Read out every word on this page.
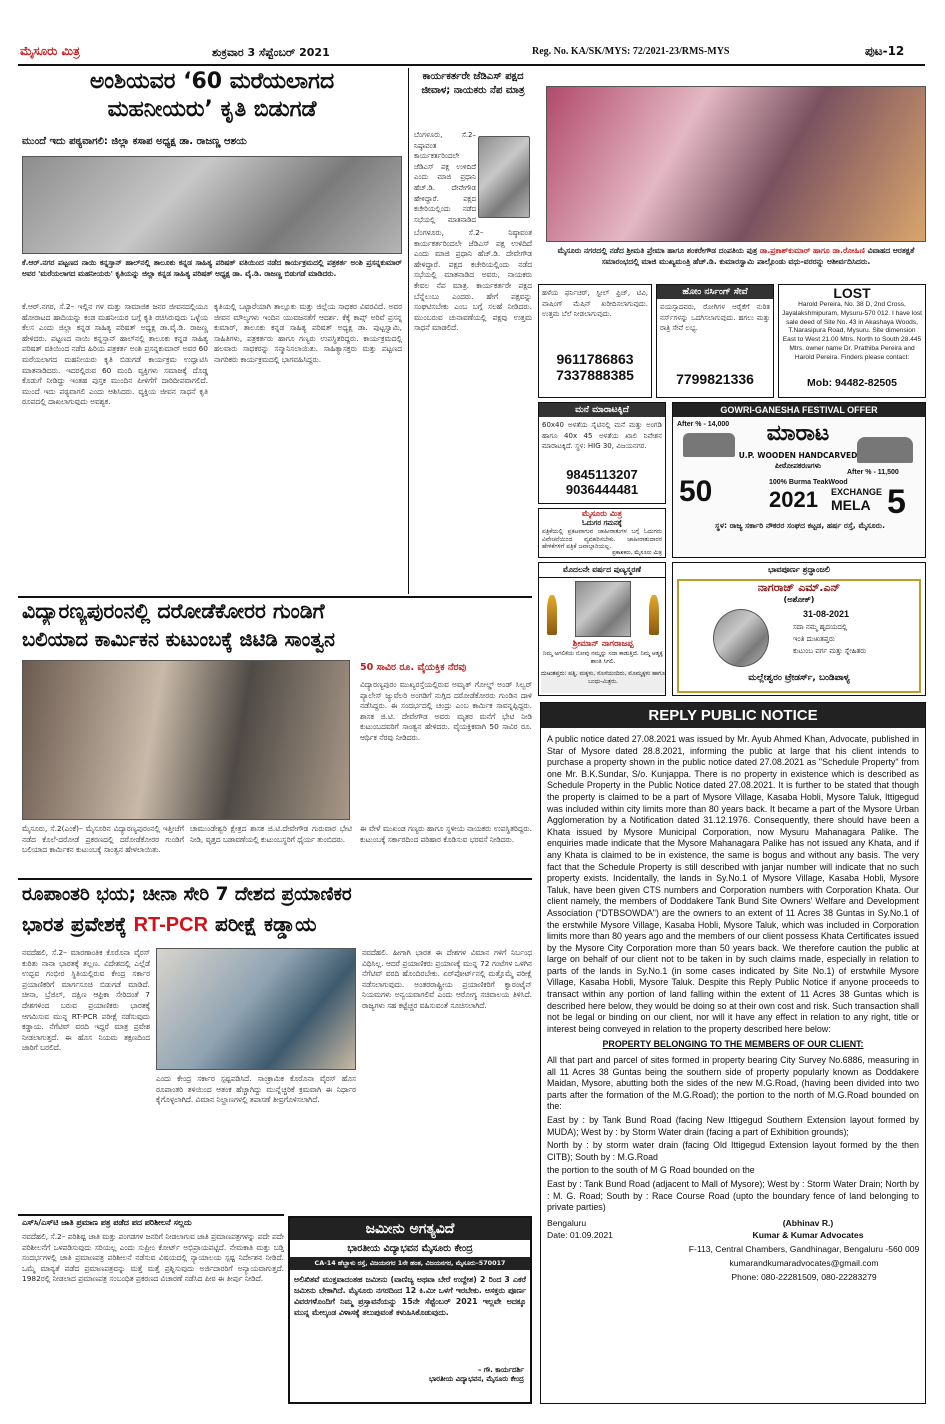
ಮೈಸೂರು ಮಿತ್ರ	ಶುಕ್ರವಾರ 3 ಸೆಪ್ಟೆಂಬರ್ 2021	Reg. No. KA/SK/MYS: 72/2021-23/RMS-MYS	ಪುಟ-12
ಅಂಶಿಯವರ ‘60 ಮರೆಯಲಾಗದ
ಮಹನೀಯರು’ ಕೃತಿ ಬಿಡುಗಡೆ
ಮುಂದೆ ಇದು ಪಠ್ಯವಾಗಲಿ: ಜಿಲ್ಲಾ ಕಸಾಪ ಅಧ್ಯಕ್ಷ ಡಾ. ರಾಜಣ್ಣ ಆಶಯ
ಕೆ.ಆರ್.ನಗರ ಪಟ್ಟಣದ ನಾಯಿ ಕನ್ನಸ್ತಾನ್ ಹಾಲ್‌ನಲ್ಲಿ ತಾಲೂಕು ಕನ್ನಡ ಸಾಹಿತ್ಯ ಪರಿಷತ್ ವತಿಯಿಂದ ನಡೆದ ಕಾರ್ಯಕ್ರಮದಲ್ಲಿ ಪತ್ರಕರ್ತ ಅಂಶಿ ಪ್ರಸನ್ನಕುಮಾರ್ ಅವರ 'ಮರೆಯಲಾಗದ ಮಹನೀಯರು' ಕೃತಿಯನ್ನು ಜಿಲ್ಲಾ ಕನ್ನಡ ಸಾಹಿತ್ಯ ಪರಿಷತ್ ಅಧ್ಯಕ್ಷ ಡಾ. ವೈ.ಡಿ. ರಾಜಣ್ಣ ಬಿಡುಗಡೆ ಮಾಡಿದರು.
ಕೆ.ಆರ್.ನಗರ, ಸೆ.2– ಇಲ್ಲಿನ ಗಳ ಮತ್ತು ಸಾಮಾಜಿಕ ಜನರ ಜೀವನದಲ್ಲಿಯೂ ಹೋರಾಟದ ಹಾದಿಯನ್ನು ಕಂಡ ಮಹನೀಯರ ಬಗ್ಗೆ ಕೃತಿ ರಚಿಸಿರುವುದು ಒಳ್ಳೆಯ ಕೆಲಸ ಎಂದು ಜಿಲ್ಲಾ ಕನ್ನಡ ಸಾಹಿತ್ಯ ಪರಿಷತ್ ಅಧ್ಯಕ್ಷ ಡಾ.ವೈ.ಡಿ. ರಾಜಣ್ಣ ಹೇಳಿದರು. ಪಟ್ಟಣದ ನಾಯಿ ಕನ್ನಸ್ತಾನ್ ಹಾಲ್‌ನಲ್ಲಿ ತಾಲೂಕು ಕನ್ನಡ ಸಾಹಿತ್ಯ ಪರಿಷತ್ ವತಿಯಿಂದ ನಡೆದ ಹಿರಿಯ ಪತ್ರಕರ್ತ ಅಂಶಿ ಪ್ರಸನ್ನಕುಮಾರ್ ಅವರ 60 ಮರೆಯಲಾಗದ ಮಹನೀಯರು ಕೃತಿ ಬಿಡುಗಡೆ ಕಾರ್ಯಕ್ರಮ ಉದ್ಘಾಟಿಸಿ ಮಾತನಾಡಿದರು. ಇದರಲ್ಲಿರುವ 60 ಮಂದಿ ವ್ಯಕ್ತಿಗಳು ಸಮಾಜಕ್ಕೆ ದೊಡ್ಡ ಕೊಡುಗೆ ನೀಡಿದ್ದು ಇಂತಹ ಪುಸ್ತಕ ಮುಂದಿನ ಪೀಳಿಗೆಗೆ ದಾರಿದೀಪವಾಗಲಿದೆ. ಮುಂದೆ ಇದು ಪಠ್ಯವಾಗಲಿ ಎಂದು ಆಶಿಸಿದರು. ವ್ಯಕ್ತಿಯ ಜೀವನ ಸಾಧನೆ ಕೃತಿ ರೂಪದಲ್ಲಿ ದಾಖಲಾಗುವುದು ಅವಶ್ಯಕ.
ಕೃತಿಯಲ್ಲಿ ಒಟ್ಟಾರೆಯಾಗಿ ತಾಲ್ಲೂಕು ಮತ್ತು ಜಿಲ್ಲೆಯ ಸಾಧಕರ ವಿವರವಿದೆ. ಅವರ ಜೀವನ ಮೌಲ್ಯಗಳು ಇಂದಿನ ಯುವಜನತೆಗೆ ಆದರ್ಶ. ಕೆಕ್ಕೆ ಕಾಪ್ಸ್ ಅರಿವೆ ಪ್ರಸನ್ನ ಕುಮಾರ್, ತಾಲೂಕು ಕನ್ನಡ ಸಾಹಿತ್ಯ ಪರಿಷತ್ ಅಧ್ಯಕ್ಷ ಡಾ. ಪುಟ್ಟಸ್ವಾಮಿ, ಸಾಹಿತಿಗಳು, ಪತ್ರಕರ್ತರು ಹಾಗೂ ಗಣ್ಯರು ಉಪಸ್ಥಿತರಿದ್ದರು. ಕಾರ್ಯಕ್ರಮದಲ್ಲಿ ಹಲವಾರು ಸಾಧಕರನ್ನು ಸನ್ಮಾನಿಸಲಾಯಿತು. ಸಾಹಿತ್ಯಾಸಕ್ತರು ಮತ್ತು ಪಟ್ಟಣದ ನಾಗರಿಕರು ಕಾರ್ಯಕ್ರಮದಲ್ಲಿ ಭಾಗವಹಿಸಿದ್ದರು.
ಕಾರ್ಯಕರ್ತರೇ ಜೆಡಿಎಸ್ ಪಕ್ಷದ ಜೀವಾಳ; ನಾಯಕರು ನೆಪ ಮಾತ್ರ
ಬೆಂಗಳೂರು, ಸೆ.2– ನಿಷ್ಠಾವಂತ ಕಾರ್ಯಕರ್ತರಿಂದಲೇ ಜೆಡಿಎಸ್ ಪಕ್ಷ ಉಳಿದಿದೆ ಎಂದು ಮಾಜಿ ಪ್ರಧಾನಿ ಹೆಚ್.ಡಿ. ದೇವೇಗೌಡ ಹೇಳಿದ್ದಾರೆ. ಪಕ್ಷದ ಕಚೇರಿಯಲ್ಲಿಂದು ನಡೆದ ಸಭೆಯಲ್ಲಿ ಮಾತನಾಡಿದ
ಬೆಂಗಳೂರು, ಸೆ.2– ನಿಷ್ಠಾವಂತ ಕಾರ್ಯಕರ್ತರಿಂದಲೇ ಜೆಡಿಎಸ್ ಪಕ್ಷ ಉಳಿದಿದೆ ಎಂದು ಮಾಜಿ ಪ್ರಧಾನಿ ಹೆಚ್.ಡಿ. ದೇವೇಗೌಡ ಹೇಳಿದ್ದಾರೆ. ಪಕ್ಷದ ಕಚೇರಿಯಲ್ಲಿಂದು ನಡೆದ ಸಭೆಯಲ್ಲಿ ಮಾತನಾಡಿದ ಅವರು, ನಾಯಕರು ಕೇವಲ ನೆಪ ಮಾತ್ರ. ಕಾರ್ಯಕರ್ತರೇ ಪಕ್ಷದ ಬೆನ್ನೆಲುಬು ಎಂದರು. ಹೇಗೆ ಪಕ್ಷವನ್ನು ಸಂಘಟಿಸಬೇಕು ಎಂಬ ಬಗ್ಗೆ ಸಲಹೆ ನೀಡಿದರು. ಮುಂಬರುವ ಚುನಾವಣೆಯಲ್ಲಿ ಪಕ್ಷವು ಉತ್ತಮ ಸಾಧನೆ ಮಾಡಲಿದೆ.
ಮೈಸೂರು ನಗರದಲ್ಲಿ ನಡೆದ ಶ್ರೀಮತಿ ಪ್ರೇಮಾ ಹಾಗೂ ಶಂಕರೇಗೌಡ ದಂಪತಿಯ ಪುತ್ರ ಡಾ.ಪ್ರಕಾಶ್‌ಕುಮಾರ್ ಹಾಗೂ ಡಾ.ರೋಹಿಣಿ ವಿವಾಹದ ಆರತಕ್ಷತೆ ಸಮಾರಂಭದಲ್ಲಿ ಮಾಜಿ ಮುಖ್ಯಮಂತ್ರಿ ಹೆಚ್.ಡಿ. ಕುಮಾರಸ್ವಾಮಿ ಪಾಲ್ಗೊಂಡು ವಧು-ವರರನ್ನು ಆಶೀರ್ವದಿಸಿದರು.
ಹಳೆಯ ಫರ್ನಿಚರ್, ಸ್ಟೀಲ್ ಫ್ರಿಜ್, ಟಿವಿ, ವಾಷಿಂಗ್ ಮೆಷಿನ್ ಖರೀದಿಸಲಾಗುವುದು. ಉತ್ತಮ ಬೆಲೆ ನೀಡಲಾಗುವುದು.
9611786863
7337888385
ಹೋಂ ನರ್ಸಿಂಗ್ ಸೇವೆ
ವಯಸ್ಸಾದವರು, ರೋಗಿಗಳ ಆರೈಕೆಗೆ ನುರಿತ ನರ್ಸ್‌ಗಳನ್ನು ಒದಗಿಸಲಾಗುವುದು. ಹಗಲು ಮತ್ತು ರಾತ್ರಿ ಸೇವೆ ಲಭ್ಯ.
7799821336
LOST
Harold Pereira, No. 38 D, 2nd Cross, Jayalakshmipuram, Mysuru-570 012. I have lost sale deed of Site No. 43 in Akashaya Woods, T.Narasipura Road, Mysuru. Site dimension East to West 21.00 Mtrs. North to South 28.445 Mtrs. owner name Dr. Prathiba Pereira and Harold Pereira. Finders please contact:
Mob: 94482-82505
ಮನೆ ಮಾರಾಟಕ್ಕಿದೆ
60x40 ಅಳತೆಯ ಸೈಟಿನಲ್ಲಿ ಮನೆ ಮತ್ತು ಅಂಗಡಿ ಹಾಗೂ 40x 45 ಅಳತೆಯ ಖಾಲಿ ನಿವೇಶನ ಮಾರಾಟಕ್ಕಿದೆ. ಸ್ಥಳ: HIG 30, ವಿಜಯನಗರ.
9845113207
9036444481
GOWRI-GANESHA FESTIVAL OFFER
After % - 14,000
After % - 11,500
ಮಾರಾಟ
U.P. WOODEN HANDCARVED ಪೀಠೋಪಕರಣಗಳು
50	100% Burma TeakWood
2021 EXCHANGE
MELA 5
ಸ್ಥಳ: ರಾಜ್ಯ ಸರ್ಕಾರಿ ನೌಕರರ ಸಂಘದ ಕಟ್ಟಡ, ಹರ್ಷ ರಸ್ತೆ, ಮೈಸೂರು.
ಮೈಸೂರು ಮಿತ್ರ
ಓದುಗರ ಗಮನಕ್ಕೆ
ಪತ್ರಿಕೆಯಲ್ಲಿ ಪ್ರಕಟವಾಗುವ ಜಾಹೀರಾತುಗಳ ಬಗ್ಗೆ ಓದುಗರು ವಿವೇಚನೆಯಿಂದ ವ್ಯವಹರಿಸಬೇಕು. ಜಾಹೀರಾತುದಾರರ ಹೇಳಿಕೆಗಳಿಗೆ ಪತ್ರಿಕೆ ಜವಾಬ್ದಾರಿಯಲ್ಲ.
ಪ್ರಕಾಶಕರು, ಮೈಸೂರು ಮಿತ್ರ
ಮೊದಲನೇ ವರ್ಷದ ಪುಣ್ಯಸ್ಮರಣೆ
ಶ್ರೀಮಾನ್ ನಾಗರಾಜಪ್ಪ
ನಿಮ್ಮ ಅಗಲಿಕೆಯ ನೋವು ನಮ್ಮನ್ನು ಸದಾ ಕಾಡುತ್ತಿದೆ. ನಿಮ್ಮ ಆತ್ಮಕ್ಕೆ ಶಾಂತಿ ಸಿಗಲಿ.
ದುಃಖತಪ್ತರು: ಪತ್ನಿ, ಮಕ್ಕಳು, ಸೊಸೆಯಂದಿರು, ಮೊಮ್ಮಕ್ಕಳು ಹಾಗೂ ಬಂಧು-ಮಿತ್ರರು.
ಭಾವಪೂರ್ಣ ಶ್ರದ್ಧಾಂಜಲಿ
ನಾಗರಾಜ್ ಎಮ್.ಎನ್
(ಅಶೋಕ್)
31-08-2021
ಸದಾ ನಮ್ಮ ಹೃದಯದಲ್ಲಿ
ಇಂತಿ ದುಃಖತಪ್ತರು
ಕುಟುಂಬ ವರ್ಗ ಮತ್ತು ಸ್ನೇಹಿತರು
ಮಲ್ಲೇಶ್ವರಂ ಟ್ರೇಡರ್ಸ್, ಬಂಡಿಪಾಳ್ಯ
ವಿದ್ಯಾರಣ್ಯಪುರಂನಲ್ಲಿ ದರೋಡೆಕೋರರ ಗುಂಡಿಗೆ
ಬಲಿಯಾದ ಕಾರ್ಮಿಕನ ಕುಟುಂಬಕ್ಕೆ ಜಿಟಿಡಿ ಸಾಂತ್ವನ
50 ಸಾವಿರ ರೂ. ವೈಯಕ್ತಿಕ ನೆರವು
ವಿದ್ಯಾರಣ್ಯಪುರಂ ಮುಖ್ಯರಸ್ತೆಯಲ್ಲಿರುವ ಅಮೃತ್ ಗೋಲ್ಡ್ ಅಂಡ್ ಸಿಲ್ವರ್ ಪ್ಯಾಲೇಸ್ ಜ್ಯುವೆಲರಿ ಅಂಗಡಿಗೆ ನುಗ್ಗಿದ ದರೋಡೆಕೋರರು ಗುಂಡಿನ ದಾಳಿ ನಡೆಸಿದ್ದರು. ಈ ಸಂದರ್ಭದಲ್ಲಿ ಚಂದ್ರು ಎಂಬ ಕಾರ್ಮಿಕ ಸಾವನ್ನಪ್ಪಿದ್ದರು. ಶಾಸಕ ಜಿ.ಟಿ. ದೇವೇಗೌಡ ಅವರು ಮೃತರ ಮನೆಗೆ ಭೇಟಿ ನೀಡಿ ಕುಟುಂಬದವರಿಗೆ ಸಾಂತ್ವನ ಹೇಳಿದರು. ವೈಯಕ್ತಿಕವಾಗಿ 50 ಸಾವಿರ ರೂ. ಆರ್ಥಿಕ ನೆರವು ನೀಡಿದರು.
ಮೈಸೂರು, ಸೆ.2(ಎಂಕೆ)– ಮೈಸೂರಿನ ವಿದ್ಯಾರಣ್ಯಪುರಂನಲ್ಲಿ ಇತ್ತೀಚೆಗೆ ನಡೆದ ಕೊಲೆ-ದರೋಡೆ ಪ್ರಕರಣದಲ್ಲಿ ದರೋಡೆಕೋರರ ಗುಂಡಿಗೆ ಬಲಿಯಾದ ಕಾರ್ಮಿಕನ ಕುಟುಂಬಕ್ಕೆ ಸಾಂತ್ವನ ಹೇಳಲಾಯಿತು.
ಚಾಮುಂಡೇಶ್ವರಿ ಕ್ಷೇತ್ರದ ಶಾಸಕ ಜಿ.ಟಿ.ದೇವೇಗೌಡ ಗುರುವಾರ ಭೇಟಿ ನೀಡಿ, ವೃತ್ತದ ಬಡಾವಣೆಯಲ್ಲಿ ಕುಟುಂಬಸ್ಥರಿಗೆ ಧೈರ್ಯ ತುಂಬಿದರು.
ಈ ವೇಳೆ ಮುಖಂಡ ಗಣ್ಯರು ಹಾಗೂ ಸ್ಥಳೀಯ ನಾಯಕರು ಉಪಸ್ಥಿತರಿದ್ದರು. ಕುಟುಂಬಕ್ಕೆ ಸರ್ಕಾರದಿಂದ ಪರಿಹಾರ ಕೊಡಿಸುವ ಭರವಸೆ ನೀಡಿದರು.
ರೂಪಾಂತರಿ ಭಯ; ಚೀನಾ ಸೇರಿ 7 ದೇಶದ ಪ್ರಯಾಣಿಕರ
ಭಾರತ ಪ್ರವೇಶಕ್ಕೆ RT-PCR ಪರೀಕ್ಷೆ ಕಡ್ಡಾಯ
ನವದೆಹಲಿ, ಸೆ.2– ಮಾರಣಾಂತಿಕ ಕೊರೊನಾ ವೈರಸ್ ಕುರಿತು ನಾನಾ ಭಾರತಕ್ಕೆ ತಲ್ಲಣ. ವಿದೇಶದಲ್ಲಿ ಎಲ್ಲೆಡೆ ಉದ್ಭವ ಗಂಭೀರ ಸ್ಥಿತಿಯಲ್ಲಿರುವ ಕೇಂದ್ರ ಸರ್ಕಾರ ಪ್ರಯಾಣಿಕರಿಗೆ ಮಾರ್ಗಸೂಚಿ ಬಿಡುಗಡೆ ಮಾಡಿದೆ. ಚೀನಾ, ಬ್ರೆಜಿಲ್, ದಕ್ಷಿಣ ಆಫ್ರಿಕಾ ಸೇರಿದಂತೆ 7 ದೇಶಗಳಿಂದ ಬರುವ ಪ್ರಯಾಣಿಕರು ಭಾರತಕ್ಕೆ ಆಗಮಿಸುವ ಮುನ್ನ RT-PCR ಪರೀಕ್ಷೆ ನಡೆಸುವುದು ಕಡ್ಡಾಯ. ನೆಗೆಟಿವ್ ವರದಿ ಇದ್ದರೆ ಮಾತ್ರ ಪ್ರವೇಶ ನೀಡಲಾಗುತ್ತದೆ. ಈ ಹೊಸ ನಿಯಮ ತಕ್ಷಣದಿಂದ ಜಾರಿಗೆ ಬರಲಿದೆ.
ಎಂದು ಕೇಂದ್ರ ಸರ್ಕಾರ ಸ್ಪಷ್ಟಪಡಿಸಿದೆ. ಸಾಂಕ್ರಾಮಿಕ ಕೊರೊನಾ ವೈರಸ್ ಹೊಸ ರೂಪಾಂತರಿ ತಳಿಯಿಂದ ಆತಂಕ ಹೆಚ್ಚಾಗಿದ್ದು ಮುನ್ನೆಚ್ಚರಿಕೆ ಕ್ರಮವಾಗಿ ಈ ನಿರ್ಧಾರ ಕೈಗೊಳ್ಳಲಾಗಿದೆ. ವಿಮಾನ ನಿಲ್ದಾಣಗಳಲ್ಲಿ ತಪಾಸಣೆ ತೀವ್ರಗೊಳಿಸಲಾಗಿದೆ.
ನವದೆಹಲಿ. ಹೀಗಾಗಿ ಭಾರತ ಈ ದೇಶಗಳ ವಿಮಾನ ಗಳಿಗೆ ನಿರ್ಬಂಧ ವಿಧಿಸಿಲ್ಲ. ಆದರೆ ಪ್ರಯಾಣಿಕರು ಪ್ರಯಾಣಕ್ಕೆ ಮುನ್ನ 72 ಗಂಟೆಗಳ ಒಳಗಿನ ನೆಗೆಟಿವ್ ವರದಿ ಹೊಂದಿರಬೇಕು. ಏರ್‌ಪೋರ್ಟ್‌ನಲ್ಲಿ ಮತ್ತೊಮ್ಮೆ ಪರೀಕ್ಷೆ ನಡೆಸಲಾಗುವುದು. ಅಂತರರಾಷ್ಟ್ರೀಯ ಪ್ರಯಾಣಿಕರಿಗೆ ಕ್ವಾರಂಟೈನ್ ನಿಯಮಗಳು ಅನ್ವಯವಾಗಲಿವೆ ಎಂದು ಆರೋಗ್ಯ ಸಚಿವಾಲಯ ತಿಳಿಸಿದೆ. ರಾಜ್ಯಗಳು ಸಹ ಕಟ್ಟೆಚ್ಚರ ವಹಿಸುವಂತೆ ಸೂಚಿಸಲಾಗಿದೆ.
ಎಸ್‌ಸಿ/ಎಸ್‌ಟಿ ಜಾತಿ ಪ್ರಮಾಣ ಪತ್ರ ಪಡೆದ ಪದ ಪರಿಶೀಲನೆ ಸಲ್ಲದು
ನವದೆಹಲಿ, ಸೆ.2– ಪರಿಶಿಷ್ಟ ಜಾತಿ ಮತ್ತು ಪಂಗಡಗಳ ಜನರಿಗೆ ನೀಡಲಾಗುವ ಜಾತಿ ಪ್ರಮಾಣಪತ್ರಗಳನ್ನು ಪದೇ ಪದೇ ಪರಿಶೀಲನೆಗೆ ಒಳಪಡಿಸುವುದು ಸರಿಯಲ್ಲ ಎಂದು ಸುಪ್ರೀಂ ಕೋರ್ಟ್ ಅಭಿಪ್ರಾಯಪಟ್ಟಿದೆ. ನೇಮಕಾತಿ ಮತ್ತು ಬಡ್ತಿ ಸಂದರ್ಭಗಳಲ್ಲಿ ಜಾತಿ ಪ್ರಮಾಣಪತ್ರ ಪರಿಶೀಲನೆ ನಡೆಸುವ ವಿಷಯದಲ್ಲಿ ನ್ಯಾಯಾಲಯ ಸ್ಪಷ್ಟ ನಿರ್ದೇಶನ ನೀಡಿದೆ. ಒಮ್ಮೆ ಮಾನ್ಯತೆ ಪಡೆದ ಪ್ರಮಾಣಪತ್ರವನ್ನು ಮತ್ತೆ ಮತ್ತೆ ಪ್ರಶ್ನಿಸುವುದು ಅರ್ಜಿದಾರರಿಗೆ ಅನ್ಯಾಯವಾಗುತ್ತದೆ. 1982ರಲ್ಲಿ ನೀಡಲಾದ ಪ್ರಮಾಣಪತ್ರ ಸಂಬಂಧಿತ ಪ್ರಕರಣದ ವಿಚಾರಣೆ ನಡೆಸಿದ ಪೀಠ ಈ ತೀರ್ಪು ನೀಡಿದೆ.
ಜಮೀನು ಅಗತ್ಯವಿದೆ
ಭಾರತೀಯ ವಿದ್ಯಾಭವನ ಮೈಸೂರು ಕೇಂದ್ರ
CA-14 ಹೆಬ್ಬಾಳು ರಸ್ತೆ, ವಿಜಯನಗರ 1ನೇ ಹಂತ, ವಿಜಯನಗರ, ಮೈಸೂರು–570017
ಅಲಿಖಿತವೆ ಮುಕ್ತವಾದಂತಹ ಜಮೀನು (ವಾಣಿಜ್ಯ ಅಥವಾ ಬೇರೆ ಉದ್ದೇಶ) 2 ರಿಂದ 3 ಎಕರೆ ಜಮೀನು ಬೇಕಾಗಿದೆ. ಮೈಸೂರು ನಗರದಿಂದ 12 ಕಿ.ಮೀ ಒಳಗೆ ಇರಬೇಕು. ಆಸಕ್ತರು ಪೂರ್ಣ ವಿವರಗಳೊಂದಿಗೆ ನಿಮ್ಮ ಪ್ರಸ್ತಾವನೆಯನ್ನು 15ನೇ ಸೆಪ್ಟೆಂಬರ್ 2021 ಇಲ್ಲವೇ ಅದಕ್ಕೂ ಮುನ್ನ ಮೇಲ್ಕಂಡ ವಿಳಾಸಕ್ಕೆ ತಲುಪುವಂತೆ ಕಳುಹಿಸಿಕೊಡುವುದು.
– ಗೌ. ಕಾರ್ಯದರ್ಶಿ
ಭಾರತೀಯ ವಿದ್ಯಾಭವನ, ಮೈಸೂರು ಕೇಂದ್ರ
REPLY PUBLIC NOTICE

A public notice dated 27.08.2021 was issued by Mr. Ayub Ahmed Khan, Advocate, published in Star of Mysore dated 28.8.2021, informing the public at large that his client intends to purchase a property shown in the public notice dated 27.08.2021 as "Schedule Property" from one Mr. B.K.Sundar, S/o. Kunjappa. There is no property in existence which is described as Schedule Property in the Public Notice dated 27.08.2021. It is further to be stated that though the property is claimed to be a part of Mysore Village, Kasaba Hobli, Mysore Taluk, Ittigegud was included within city limits more than 80 years back. It became a part of the Mysore Urban Agglomeration by a Notification dated 31.12.1976. Consequently, there should have been a Khata issued by Mysore Municipal Corporation, now Mysuru Mahanagara Palike. The enquiries made indicate that the Mysore Mahanagara Palike has not issued any Khata, and if any Khata is claimed to be in existence, the same is bogus and without any basis. The very fact that the Schedule Property is still described with janjar number will indicate that no such property exists. Incidentally, the lands in Sy.No.1 of Mysore Village, Kasaba Hobli, Mysore Taluk, have been given CTS numbers and Corporation numbers with Corporation Khata. Our client namely, the members of Doddakere Tank Bund Site Owners' Welfare and Development Association ("DTBSOWDA") are the owners to an extent of 11 Acres 38 Guntas in Sy.No.1 of the erstwhile Mysore Village, Kasaba Hobli, Mysore Taluk, which was included in Corporation limits more than 80 years ago and the members of our client possess Khata Certificates issued by the Mysore City Corporation more than 50 years back. We therefore caution the public at large on behalf of our client not to be taken in by such claims made, especially in relation to parts of the lands in Sy.No.1 (in some cases indicated by Site No.1) of erstwhile Mysore Village, Kasaba Hobli, Mysore Taluk. Despite this Reply Public Notice if anyone proceeds to transact within any portion of land falling within the extent of 11 Acres 38 Guntas which is described here below, they would be doing so at their own cost and risk. Such transaction shall not be legal or binding on our client, nor will it have any effect in relation to any right, title or interest being conveyed in relation to the property described here below:

PROPERTY BELONGING TO THE MEMBERS OF OUR CLIENT:

All that part and parcel of sites formed in property bearing City Survey No.6886, measuring in all 11 Acres 38 Guntas being the southern side of property popularly known as Doddakere Maidan, Mysore, abutting both the sides of the new M.G.Road, (having been divided into two parts after the formation of the M.G.Road); the portion to the north of M.G.Road bounded on the:

East by : by Tank Bund Road (facing New Ittigegud Southern Extension layout formed by MUDA); West by : by Storm Water drain (facing a part of Exhibition grounds);

North by : by storm water drain (facing Old Ittigegud Extension layout formed by the then CITB); South by : M.G.Road

the portion to the south of M G Road bounded on the

East by : Tank Bund Road (adjacent to Mall of Mysore); West by : Storm Water Drain; North by : M. G. Road; South by : Race Course Road (upto the boundary fence of land belonging to private parties)

Bengaluru
Date: 01.09.2021
(Abhinav R.)
Kumar & Kumar Advocates
F-113, Central Chambers, Gandhinagar, Bengaluru -560 009
kumarandkumaradvocates@gmail.com
Phone: 080-22281509, 080-22283279
